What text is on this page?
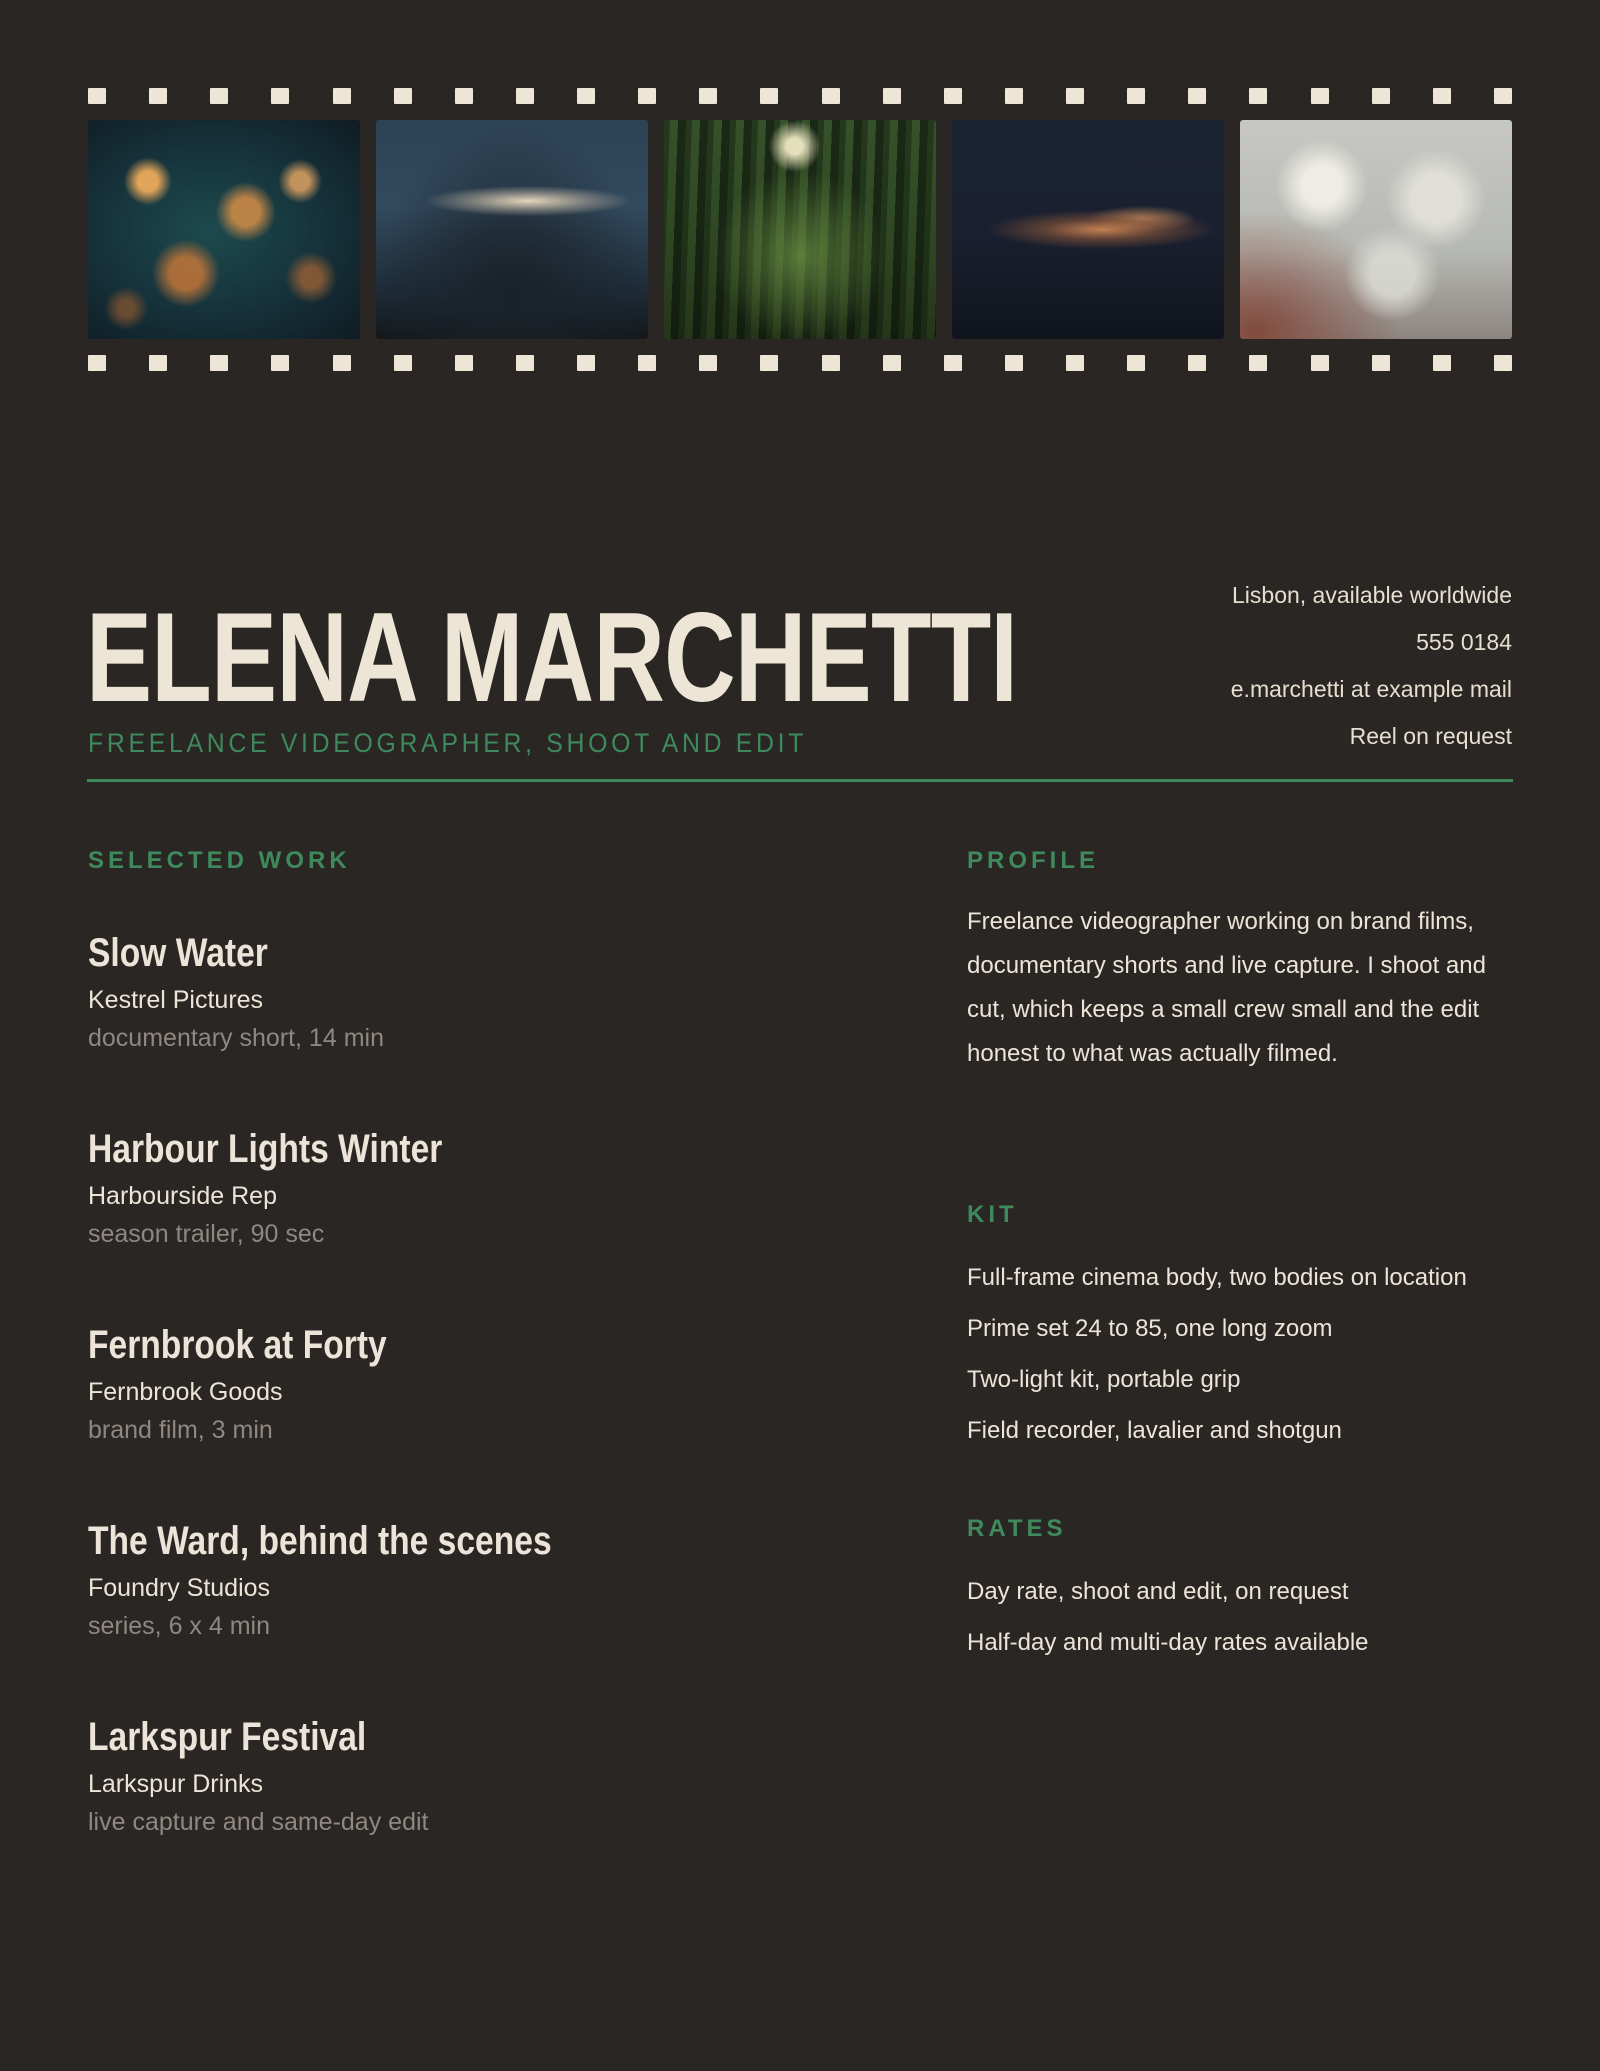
ELENA MARCHETTI
FREELANCE VIDEOGRAPHER, SHOOT AND EDIT
Lisbon, available worldwide
555 0184
e.marchetti at example mail
Reel on request
SELECTED WORK
Slow Water
Kestrel Pictures
documentary short, 14 min
Harbour Lights Winter
Harbourside Rep
season trailer, 90 sec
Fernbrook at Forty
Fernbrook Goods
brand film, 3 min
The Ward, behind the scenes
Foundry Studios
series, 6 x 4 min
Larkspur Festival
Larkspur Drinks
live capture and same-day edit
PROFILE

Freelance videographer working on brand films, documentary shorts and live capture. I shoot and cut, which keeps a small crew small and the edit honest to what was actually filmed.

KIT
Full-frame cinema body, two bodies on location
Prime set 24 to 85, one long zoom
Two-light kit, portable grip
Field recorder, lavalier and shotgun
RATES
Day rate, shoot and edit, on request
Half-day and multi-day rates available
